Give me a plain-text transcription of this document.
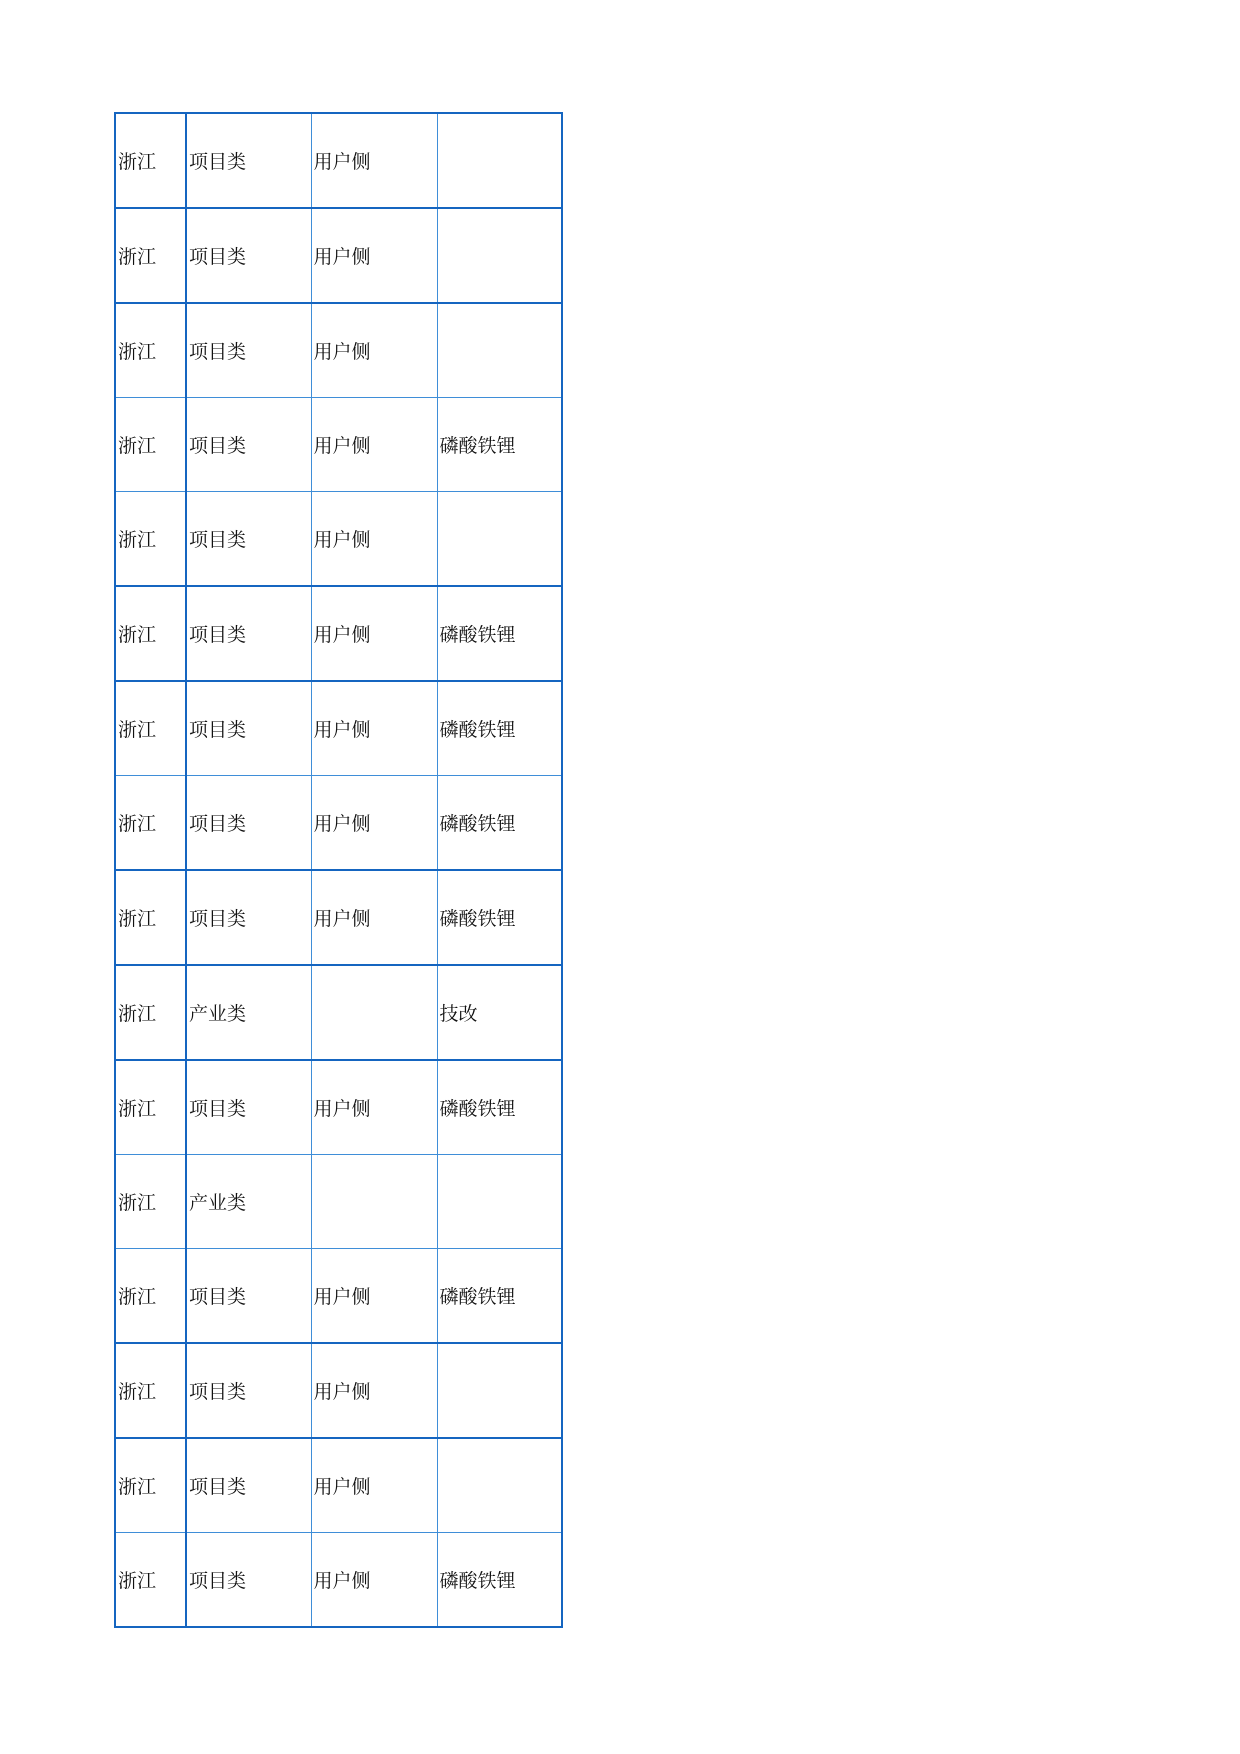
浙江	项目类	用户侧	
浙江	项目类	用户侧	
浙江	项目类	用户侧	
浙江	项目类	用户侧	磷酸铁锂
浙江	项目类	用户侧	
浙江	项目类	用户侧	磷酸铁锂
浙江	项目类	用户侧	磷酸铁锂
浙江	项目类	用户侧	磷酸铁锂
浙江	项目类	用户侧	磷酸铁锂
浙江	产业类		技改
浙江	项目类	用户侧	磷酸铁锂
浙江	产业类		
浙江	项目类	用户侧	磷酸铁锂
浙江	项目类	用户侧	
浙江	项目类	用户侧	
浙江	项目类	用户侧	磷酸铁锂
